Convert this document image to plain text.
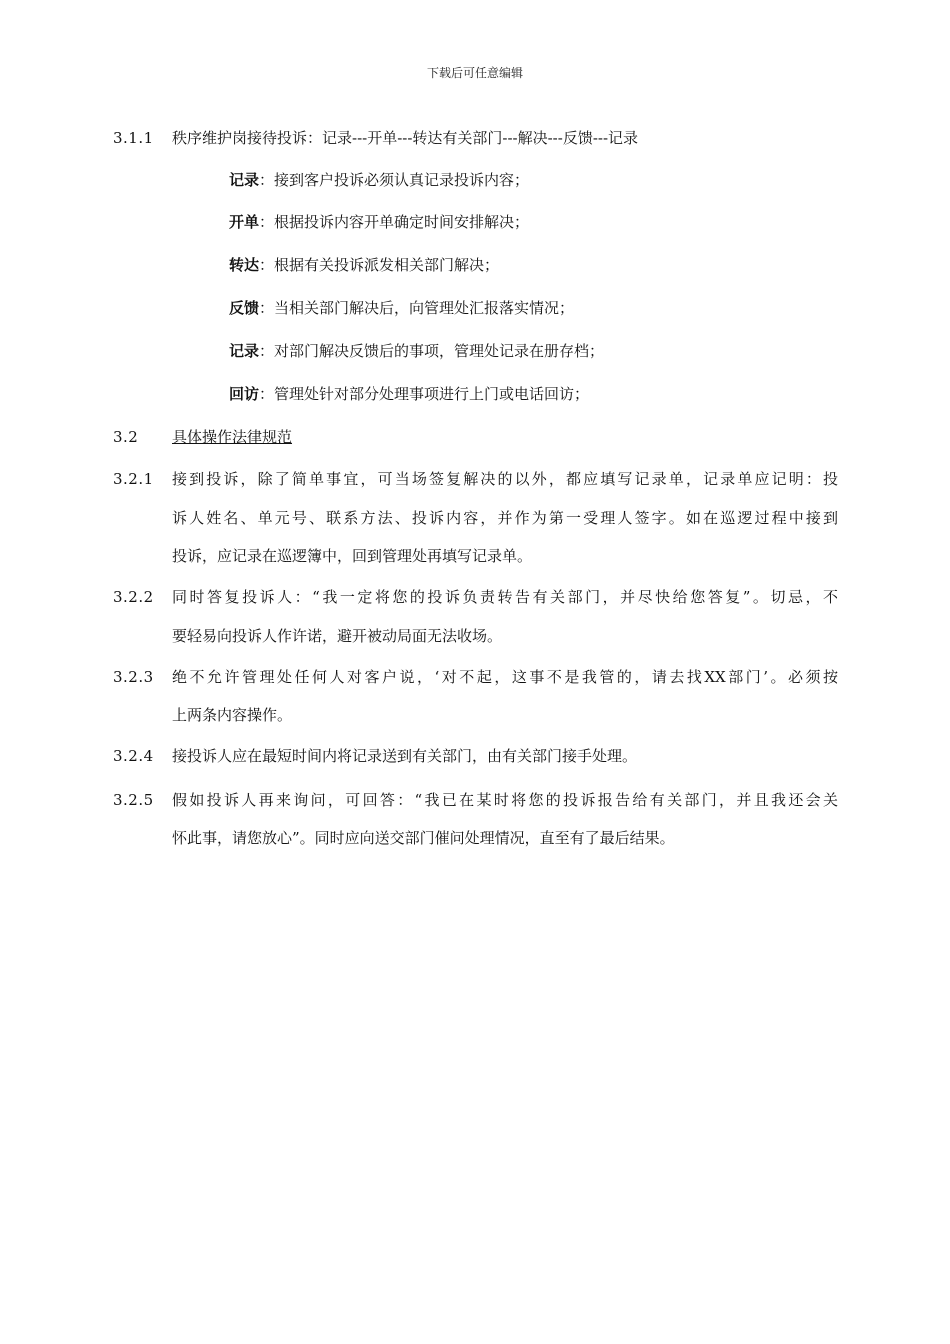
下载后可任意编辑
3.1.1 秩序维护岗接待投诉：记录---开单---转达有关部门---解决---反馈---记录
记录：接到客户投诉必须认真记录投诉内容；
开单：根据投诉内容开单确定时间安排解决；
转达：根据有关投诉派发相关部门解决；
反馈：当相关部门解决后，向管理处汇报落实情况；
记录：对部门解决反馈后的事项，管理处记录在册存档；
回访：管理处针对部分处理事项进行上门或电话回访；
3.2 具体操作法律规范
3.2.1 接到投诉，除了简单事宜，可当场签复解决的以外，都应填写记录单，记录单应记明：投
诉人姓名、单元号、联系方法、投诉内容，并作为第一受理人签字。如在巡逻过程中接到
投诉，应记录在巡逻簿中，回到管理处再填写记录单。
3.2.2 同时答复投诉人：“我一定将您的投诉负责转告有关部门，并尽快给您答复”。切忌，不
要轻易向投诉人作许诺，避开被动局面无法收场。
3.2.3 绝不允许管理处任何人对客户说，‘对不起，这事不是我管的，请去找XX部门’。必须按
上两条内容操作。
3.2.4 接投诉人应在最短时间内将记录送到有关部门，由有关部门接手处理。
3.2.5 假如投诉人再来询问，可回答：“我已在某时将您的投诉报告给有关部门，并且我还会关
怀此事，请您放心”。同时应向送交部门催问处理情况，直至有了最后结果。
